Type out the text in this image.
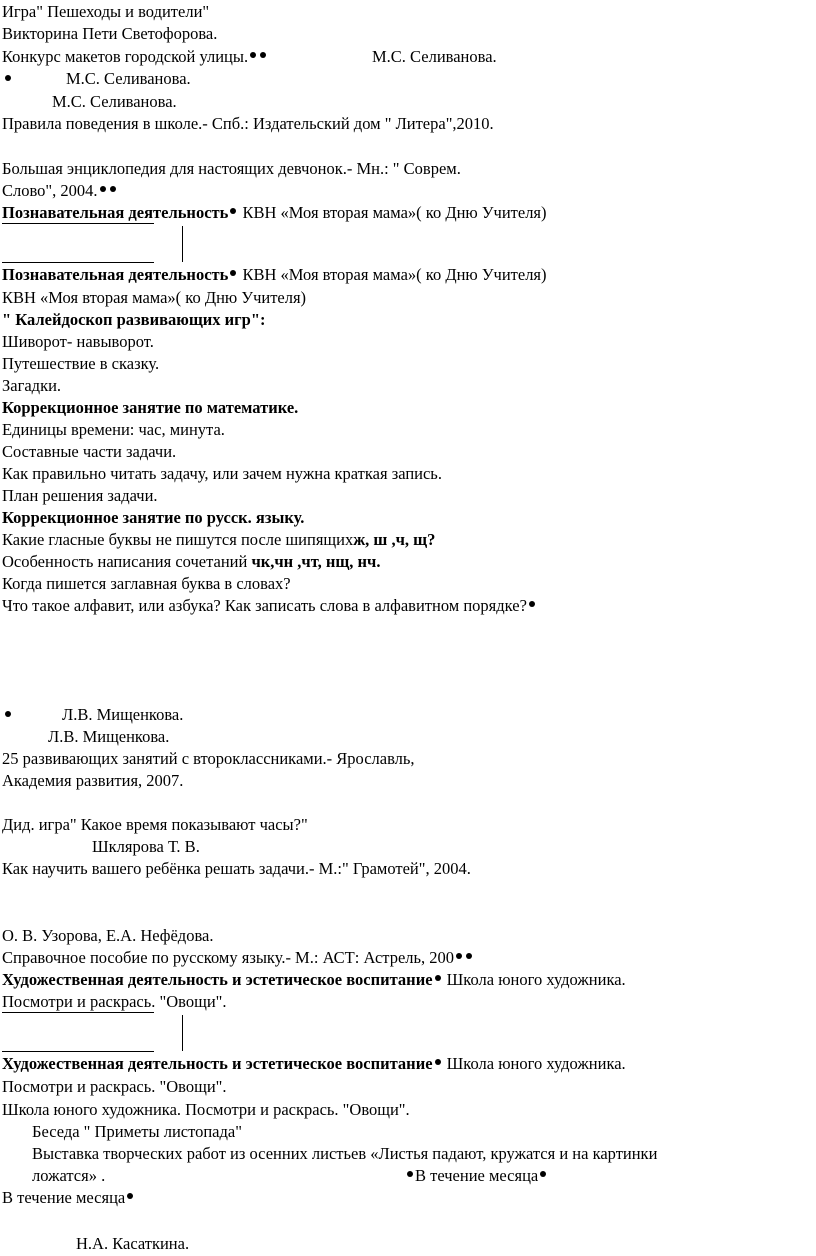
Игра" Пешеходы и водители"
Викторина Пети Светофорова.
Конкурс макетов городской улицы.	М.С. Селиванова.
М.С. Селиванова.
М.С. Селиванова.
Правила поведения в школе.- Спб.: Издательский дом " Литера",2010.
Большая энциклопедия для настоящих девчонок.- Мн.: " Соврем.
Слово", 2004.
Познавательная деятельность КВН «Моя вторая мама»( ко Дню Учителя)
Познавательная деятельность КВН «Моя вторая мама»( ко Дню Учителя)
КВН «Моя вторая мама»( ко Дню Учителя)
" Калейдоскоп развивающих игр":
Шиворот- навыворот.
Путешествие в сказку.
Загадки.
Коррекционное занятие по математике.
Единицы времени: час, минута.
Составные части задачи.
Как правильно читать задачу, или зачем нужна краткая запись.
План решения задачи.
Коррекционное занятие по русск. языку.
Какие гласные буквы не пишутся после шипящихж, ш ,ч, щ?
Особенность написания сочетаний чк,чн ,чт, нщ, нч.
Когда пишется заглавная буква в словах?
Что такое алфавит, или азбука? Как записать слова в алфавитном порядке?
Л.В. Мищенкова.
Л.В. Мищенкова.
25 развивающих занятий с второклассниками.- Ярославль,
Академия развития, 2007.
Дид. игра" Какое время показывают часы?"
Шклярова Т. В.
Как научить вашего ребёнка решать задачи.- М.:" Грамотей", 2004.
О. В. Узорова, Е.А. Нефёдова.
Справочное пособие по русскому языку.- М.: АСТ: Астрель, 200
Художественная деятельность и эстетическое воспитание Школа юного художника.
Посмотри и раскрась. "Овощи".
Художественная деятельность и эстетическое воспитание Школа юного художника.
Посмотри и раскрась. "Овощи".
Школа юного художника. Посмотри и раскрась. "Овощи".
Беседа " Приметы листопада"
Выставка творческих работ из осенних листьев «Листья падают, кружатся и на картинки
ложатся» .	В течение месяца
В течение месяца
Н.А. Касаткина.
